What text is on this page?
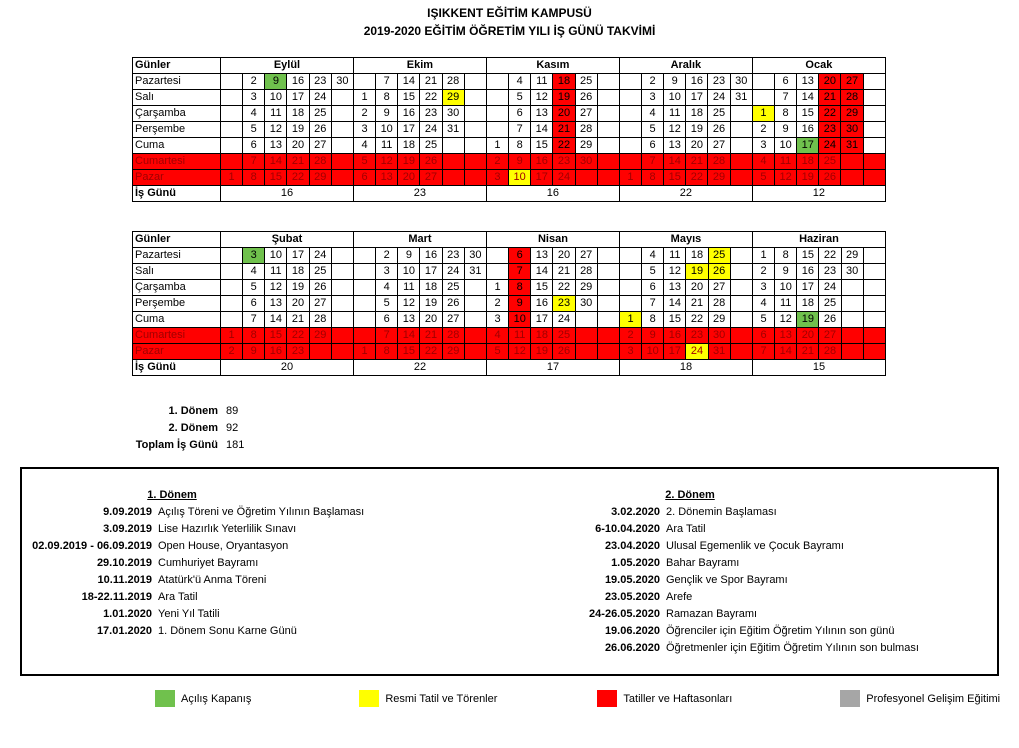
IŞIKKENT EĞİTİM KAMPUSÜ
2019-2020 EĞİTİM ÖĞRETİM YILI İŞ GÜNÜ TAKVİMİ
Günler	Eylül						Ekim						Kasım						Aralık						Ocak					
Pazartesi		2	9	16	23	30		7	14	21	28			4	11	18	25			2	9	16	23	30		6	13	20	27	
Salı		3	10	17	24		1	8	15	22	29			5	12	19	26			3	10	17	24	31		7	14	21	28	
Çarşamba		4	11	18	25		2	9	16	23	30			6	13	20	27			4	11	18	25		1	8	15	22	29	
Perşembe		5	12	19	26		3	10	17	24	31			7	14	21	28			5	12	19	26		2	9	16	23	30	
Cuma		6	13	20	27		4	11	18	25			1	8	15	22	29			6	13	20	27		3	10	17	24	31	
Cumartesi		7	14	21	28		5	12	19	26			2	9	16	23	30			7	14	21	28		4	11	18	25		
Pazar	1	8	15	22	29		6	13	20	27			3	10	17	24			1	8	15	22	29		5	12	19	26		
İş Günü	16						23						16						22						12					
Günler	Şubat						Mart						Nisan						Mayıs						Haziran					
Pazartesi		3	10	17	24			2	9	16	23	30		6	13	20	27			4	11	18	25		1	8	15	22	29	
Salı		4	11	18	25			3	10	17	24	31		7	14	21	28			5	12	19	26		2	9	16	23	30	
Çarşamba		5	12	19	26			4	11	18	25		1	8	15	22	29			6	13	20	27		3	10	17	24		
Perşembe		6	13	20	27			5	12	19	26		2	9	16	23	30			7	14	21	28		4	11	18	25		
Cuma		7	14	21	28			6	13	20	27		3	10	17	24			1	8	15	22	29		5	12	19	26		
Cumartesi	1	8	15	22	29			7	14	21	28		4	11	18	25			2	9	16	23	30		6	13	20	27		
Pazar	2	9	16	23			1	8	15	22	29		5	12	19	26			3	10	17	24	31		7	14	21	28		
İş Günü	20						22						17						18						15					
1. Dönem 89
2. Dönem 92
Toplam İş Günü 181
1. Dönem
9.09.2019 Açılış Töreni ve Öğretim Yılının Başlaması
3.09.2019 Lise Hazırlık Yeterlilik Sınavı
02.09.2019 - 06.09.2019 Open House, Oryantasyon
29.10.2019 Cumhuriyet Bayramı
10.11.2019 Atatürk'ü Anma Töreni
18-22.11.2019 Ara Tatil
1.01.2020 Yeni Yıl Tatili
17.01.2020 1. Dönem Sonu Karne Günü
2. Dönem
3.02.2020 2. Dönemin Başlaması
6-10.04.2020 Ara Tatil
23.04.2020 Ulusal Egemenlik ve Çocuk Bayramı
1.05.2020 Bahar Bayramı
19.05.2020 Gençlik ve Spor Bayramı
23.05.2020 Arefe
24-26.05.2020 Ramazan Bayramı
19.06.2020 Öğrenciler için Eğitim Öğretim Yılının son günü
26.06.2020 Öğretmenler için Eğitim Öğretim Yılının son bulması
Açılış Kapanış	Resmi Tatil ve Törenler	Tatiller ve Haftasonları	Profesyonel Gelişim Eğitimi
